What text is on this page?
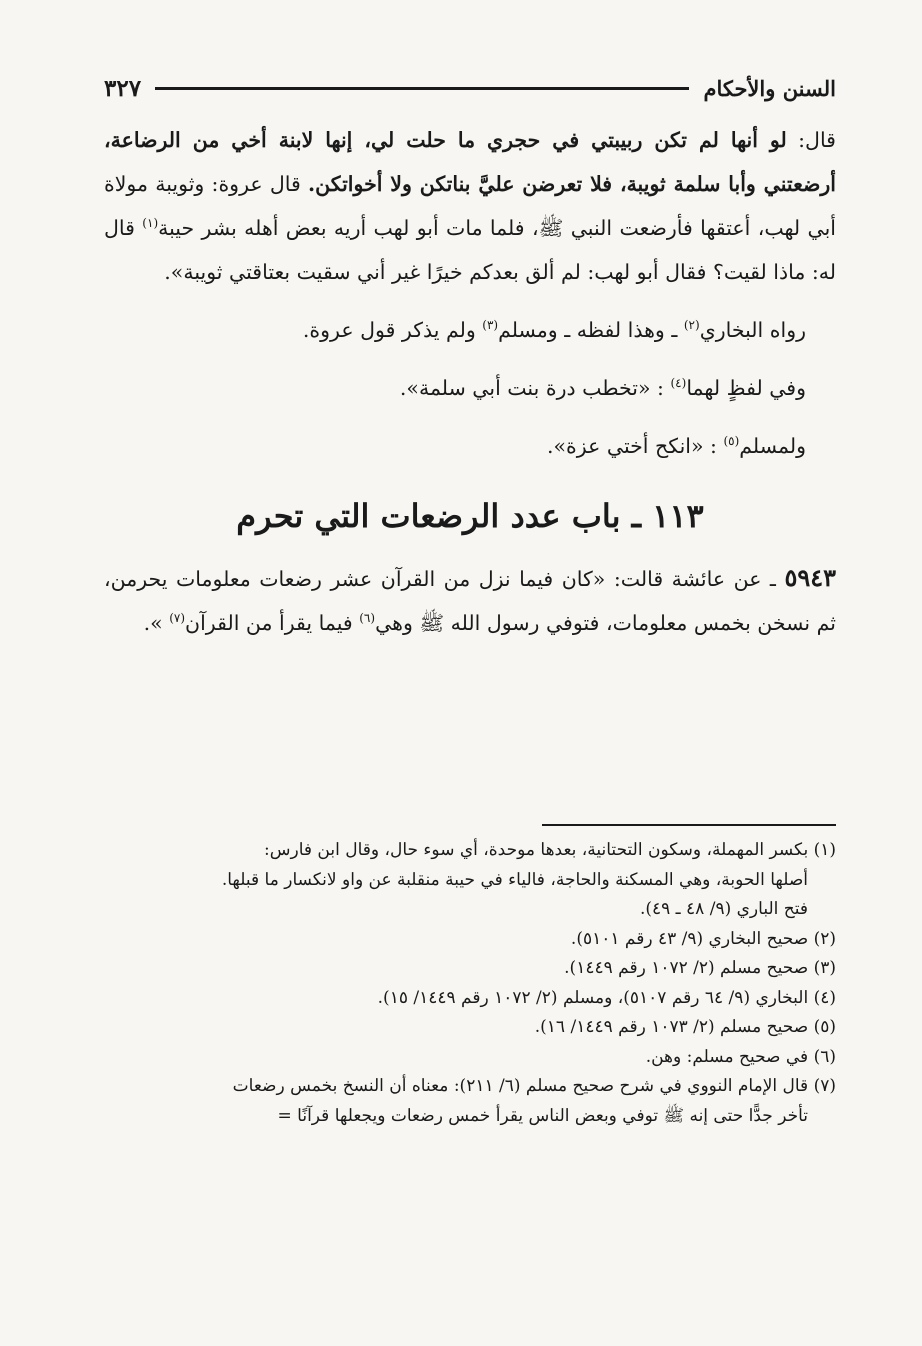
السنن والأحكام
٣٢٧

قال: لو أنها لم تكن ربيبتي في حجري ما حلت لي، إنها لابنة أخي من الرضاعة، أرضعتني وأبا سلمة ثويبة، فلا تعرضن عليَّ بناتكن ولا أخواتكن. قال عروة: وثويبة مولاة أبي لهب، أعتقها فأرضعت النبي ﷺ، فلما مات أبو لهب أريه بعض أهله بشر حيبة$^{(١)}$ قال له: ماذا لقيت؟ فقال أبو لهب: لم ألق بعدكم خيرًا غير أني سقيت بعتاقتي ثويبة».

رواه البخاري$^{(٢)}$ ـ وهذا لفظه ـ ومسلم$^{(٣)}$ ولم يذكر قول عروة.

وفي لفظٍ لهما$^{(٤)}$ : «تخطب درة بنت أبي سلمة».

ولمسلم$^{(٥)}$ : «انكح أختي عزة».

١١٣ ـ باب عدد الرضعات التي تحرم

٥٩٤٣ ـ عن عائشة قالت: «كان فيما نزل من القرآن عشر رضعات معلومات يحرمن، ثم نسخن بخمس معلومات، فتوفي رسول الله ﷺ وهي$^{(٦)}$ فيما يقرأ من القرآن$^{(٧)}$ ».

(١) بكسر المهملة، وسكون التحتانية، بعدها موحدة، أي سوء حال، وقال ابن فارس:

أصلها الحوبة، وهي المسكنة والحاجة، فالياء في حيبة منقلبة عن واو لانكسار ما قبلها.

فتح الباري (٩/ ٤٨ ـ ٤٩).

(٢) صحيح البخاري (٩/ ٤٣ رقم ٥١٠١).

(٣) صحيح مسلم (٢/ ١٠٧٢ رقم ١٤٤٩).

(٤) البخاري (٩/ ٦٤ رقم ٥١٠٧)، ومسلم (٢/ ١٠٧٢ رقم ١٤٤٩/ ١٥).

(٥) صحيح مسلم (٢/ ١٠٧٣ رقم ١٤٤٩/ ١٦).

(٦) في صحيح مسلم: وهن.

(٧) قال الإمام النووي في شرح صحيح مسلم (٦/ ٢١١): معناه أن النسخ بخمس رضعات

تأخر جدًّا حتى إنه ﷺ توفي وبعض الناس يقرأ خمس رضعات ويجعلها قرآنًا =
